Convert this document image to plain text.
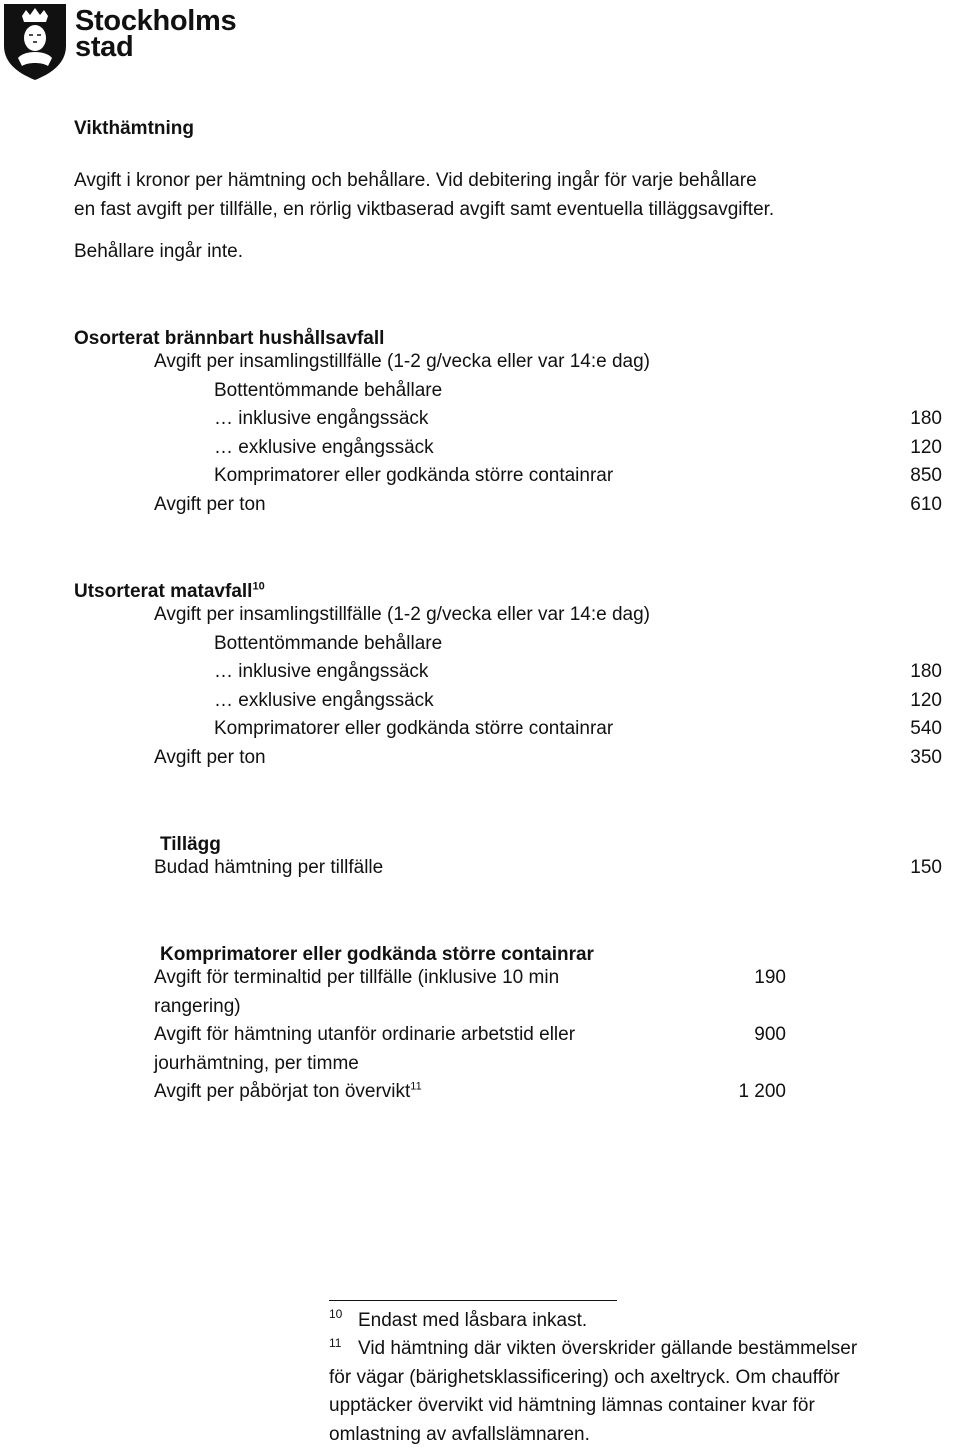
Stockholms
stad
Vikthämtning
Avgift i kronor per hämtning och behållare. Vid debitering ingår för varje behållare
en fast avgift per tillfälle, en rörlig viktbaserad avgift samt eventuella tilläggsavgifter.
Behållare ingår inte.
Osorterat brännbart hushållsavfall
Avgift per insamlingstillfälle (1-2 g/vecka eller var 14:e dag)
Bottentömmande behållare
… inklusive engångssäck	180
… exklusive engångssäck	120
Komprimatorer eller godkända större containrar	850
Avgift per ton	610
Utsorterat matavfall$^{10}$
Avgift per insamlingstillfälle (1-2 g/vecka eller var 14:e dag)
Bottentömmande behållare
… inklusive engångssäck	180
… exklusive engångssäck	120
Komprimatorer eller godkända större containrar	540
Avgift per ton	350
Tillägg
Budad hämtning per tillfälle	150
Komprimatorer eller godkända större containrar
Avgift för terminaltid per tillfälle (inklusive 10 min	190
rangering)
Avgift för hämtning utanför ordinarie arbetstid eller	900
jourhämtning, per timme
Avgift per påbörjat ton övervikt$^{11}$	1 200
10 Endast med låsbara inkast.
11 Vid hämtning där vikten överskrider gällande bestämmelser
för vägar (bärighetsklassificering) och axeltryck. Om chaufför
upptäcker övervikt vid hämtning lämnas container kvar för
omlastning av avfallslämnaren.
